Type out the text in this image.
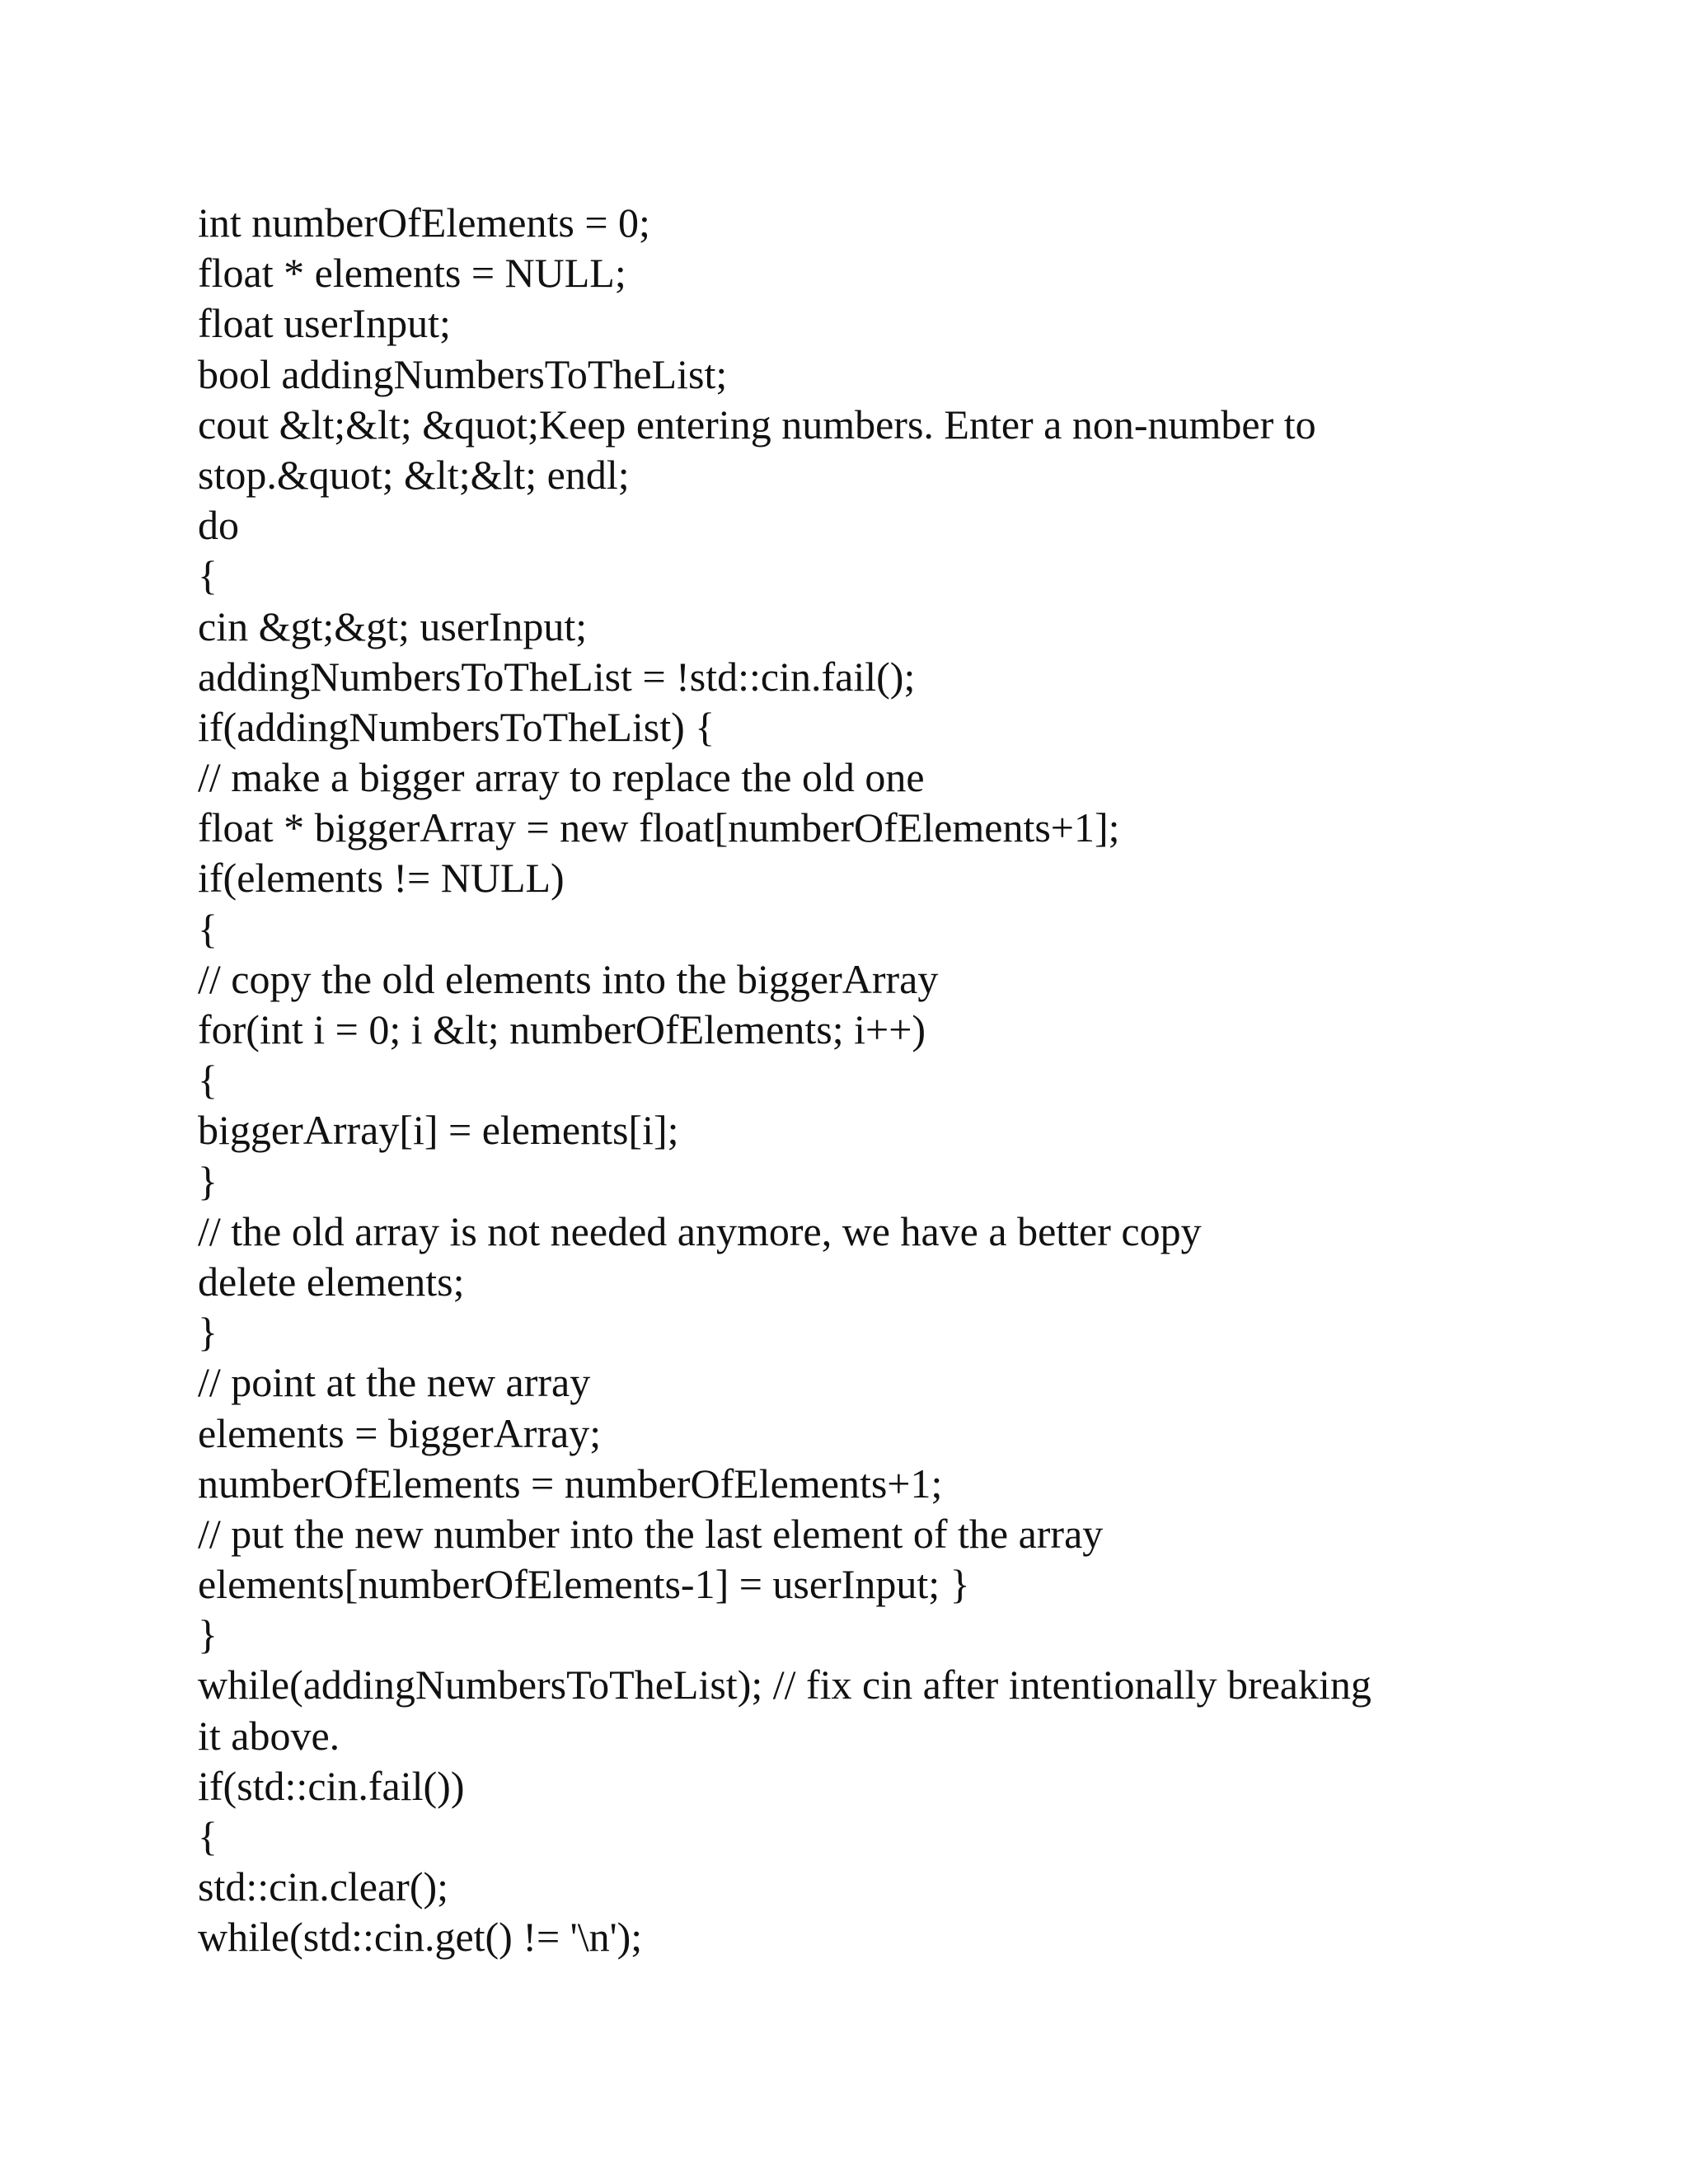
int numberOfElements = 0;
float * elements = NULL;
float userInput;
bool addingNumbersToTheList;
cout &lt;&lt; &quot;Keep entering numbers. Enter a non-number to
stop.&quot; &lt;&lt; endl;
do
{
cin &gt;&gt; userInput;
addingNumbersToTheList = !std::cin.fail();
if(addingNumbersToTheList) {
// make a bigger array to replace the old one
float * biggerArray = new float[numberOfElements+1];
if(elements != NULL)
{
// copy the old elements into the biggerArray
for(int i = 0; i &lt; numberOfElements; i++)
{
biggerArray[i] = elements[i];
}
// the old array is not needed anymore, we have a better copy
delete elements;
}
// point at the new array
elements = biggerArray;
numberOfElements = numberOfElements+1;
// put the new number into the last element of the array
elements[numberOfElements-1] = userInput; }
}
while(addingNumbersToTheList); // fix cin after intentionally breaking
it above.
if(std::cin.fail())
{
std::cin.clear();
while(std::cin.get() != '\n');
